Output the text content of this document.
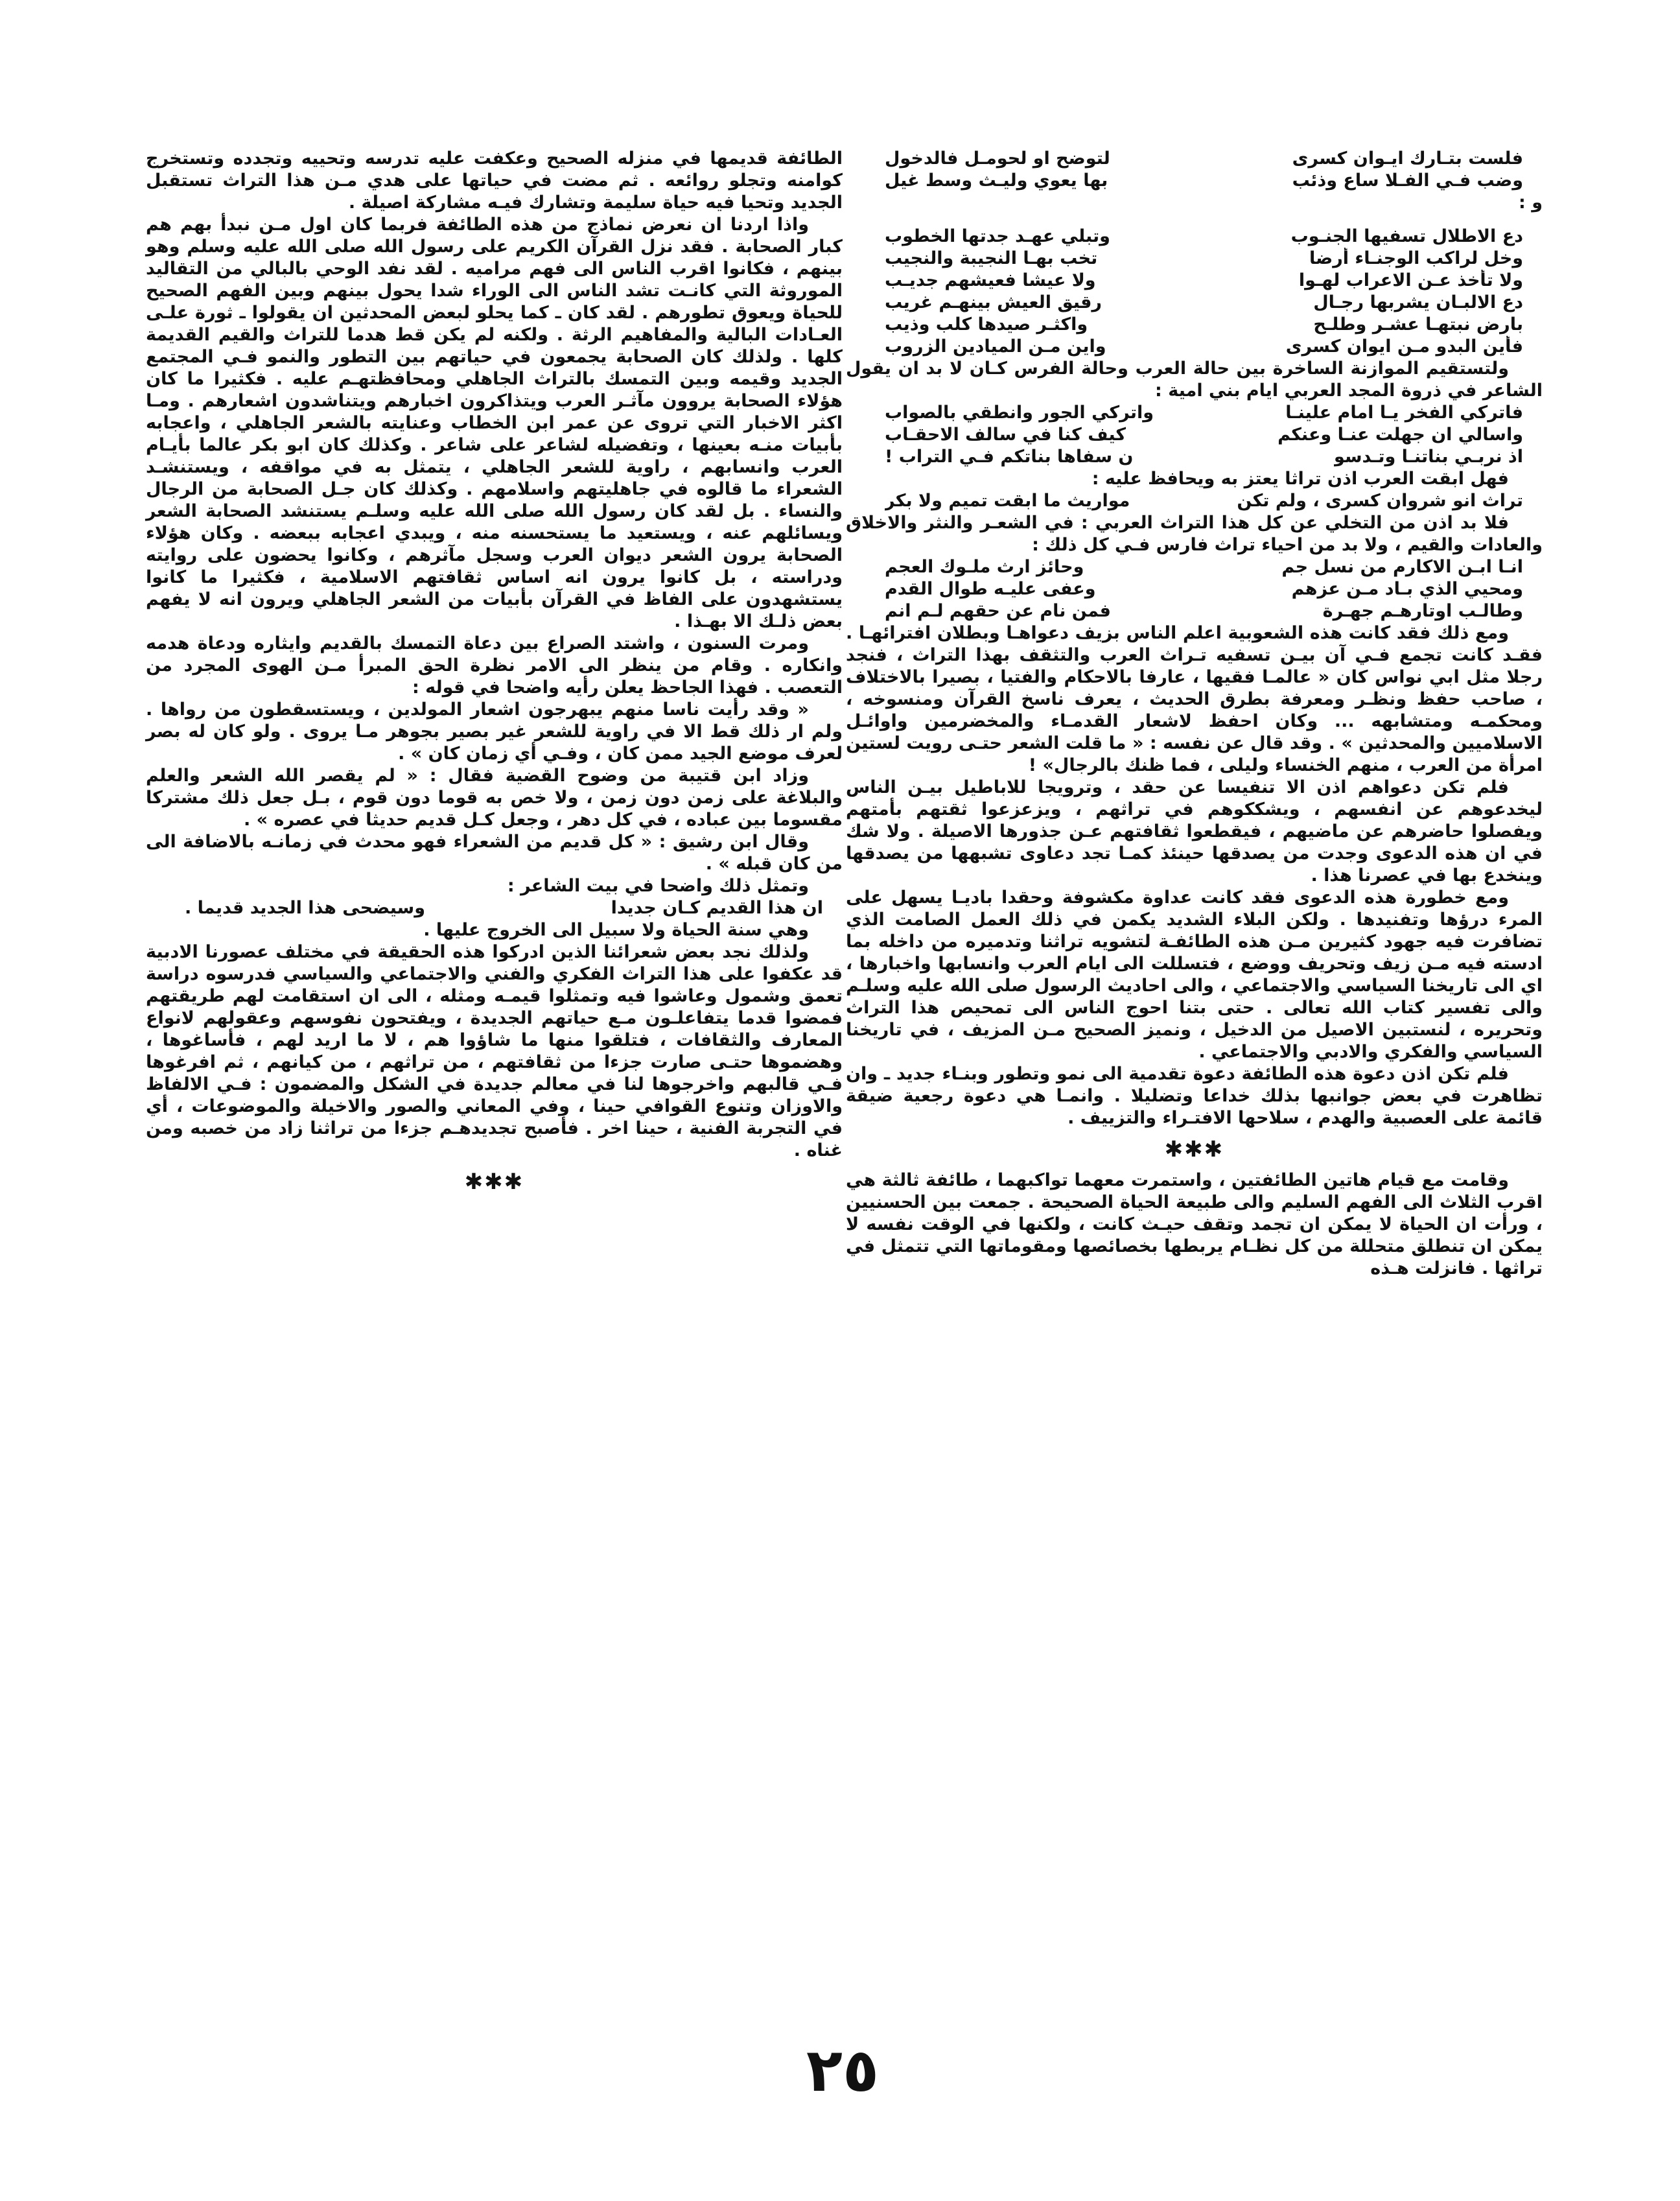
فلست بتـارك ايـوان كسرى
لتوضح او لحومـل فالدخول
وضب فـي الفـلا ساع وذئب
بها يعوي وليـث وسط غيل

و :

دع الاطلال تسفيها الجنـوب
وتبلي عهـد جدتها الخطوب
وخل لراكب الوجنـاء أرضا
تخب بهـا النجيبة والنجيب
ولا تأخذ عـن الاعراب لهـوا
ولا عيشا فعيشهم جديـب
دع الالبـان يشربها رجـال
رقيق العيش بينهـم غريب
بارض نبتهـا عشـر وطلـح
واكثـر صيدها كلب وذيب
فأين البدو مـن ايوان كسرى
واين مـن الميادين الزروب

ولتستقيم الموازنة الساخرة بين حالة العرب وحالة الفرس كـان لا بد ان يقول الشاعر في ذروة المجد العربي ايام بني امية :

فاتركي الفخر يـا امام علينـا
واتركي الجور وانطقي بالصواب
واسالي ان جهلت عنـا وعنكم
كيف كنا في سالف الاحقـاب
اذ نربـي بناتنـا وتـدسو
ن سفاها بناتكم فـي التراب !

فهل ابقت العرب اذن تراثا يعتز به ويحافظ عليه :

تراث انو شروان كسرى ، ولم تكن
مواريث ما ابقت تميم ولا بكر

فلا بد اذن من التخلي عن كل هذا التراث العربي : في الشعـر والنثر والاخلاق والعادات والقيم ، ولا بد من احياء تراث فارس فـي كل ذلك :

انـا ابـن الاكارم من نسل جم
وحائز ارث ملـوك العجم
ومحيي الذي بـاد مـن عزهم
وعفى عليـه طوال القدم
وطالـب اوتارهـم جهـرة
فمن نام عن حقهم لـم انم

ومع ذلك فقد كانت هذه الشعوبية اعلم الناس بزيف دعواهـا وبطلان افترائهـا . فقـد كانت تجمع فـي آن بيـن تسفيه تـراث العرب والتثقف بهذا التراث ، فنجد رجلا مثل ابي نواس كان « عالمـا فقيها ، عارفا بالاحكام والفتيا ، بصيرا بالاختلاف ، صاحب حفظ ونظـر ومعرفة بطرق الحديث ، يعرف ناسخ القرآن ومنسوخه ، ومحكمـه ومتشابهه ... وكان احفظ لاشعار القدمـاء والمخضرمين واوائـل الاسلاميين والمحدثين » . وقد قال عن نفسه : « ما قلت الشعر حتـى رويت لستين امرأة من العرب ، منهم الخنساء وليلى ، فما ظنك بالرجال» !

فلم تكن دعواهم اذن الا تنفيسا عن حقد ، وترويجا للاباطيل بيـن الناس ليخدعوهم عن انفسهم ، ويشككوهم في تراثهم ، ويزعزعوا ثقتهم بأمتهم ويفصلوا حاضرهم عن ماضيهم ، فيقطعوا ثقافتهم عـن جذورها الاصيلة . ولا شك في ان هذه الدعوى وجدت من يصدقها حينئذ كمـا تجد دعاوى تشبهها من يصدقها وينخدع بها في عصرنا هذا .

ومع خطورة هذه الدعوى فقد كانت عداوة مكشوفة وحقدا باديـا يسهل على المرء درؤها وتفنيدها . ولكن البلاء الشديد يكمن في ذلك العمل الصامت الذي تضافرت فيه جهود كثيرين مـن هذه الطائفـة لتشويه تراثنا وتدميره من داخله بما ادسته فيه مـن زيف وتحريف ووضع ، فتسللت الى ايام العرب وانسابها واخبارها ، اي الى تاريخنا السياسي والاجتماعي ، والى احاديث الرسول صلى الله عليه وسلـم والى تفسير كتاب الله تعالى . حتى بتنا احوج الناس الى تمحيص هذا التراث وتحريره ، لنستبين الاصيل من الدخيل ، ونميز الصحيح مـن المزيف ، في تاريخنا السياسي والفكري والادبي والاجتماعي .

فلم تكن اذن دعوة هذه الطائفة دعوة تقدمية الى نمو وتطور وبنـاء جديد ـ وان تظاهرت في بعض جوانبها بذلك خداعا وتضليلا . وانمـا هي دعوة رجعية ضيقة قائمة على العصبية والهدم ، سلاحها الافتـراء والتزييف .

✱✱✱

وقامت مع قيام هاتين الطائفتين ، واستمرت معهما تواكبهما ، طائفة ثالثة هي اقرب الثلاث الى الفهم السليم والى طبيعة الحياة الصحيحة . جمعت بين الحسنيين ، ورأت ان الحياة لا يمكن ان تجمد وتقف حيـث كانت ، ولكنها في الوقت نفسه لا يمكن ان تنطلق متحللة من كل نظـام يربطها بخصائصها ومقوماتها التي تتمثل في تراثها . فانزلت هـذه

الطائفة قديمها في منزله الصحيح وعكفت عليه تدرسه وتحييه وتجدده وتستخرج كوامنه وتجلو روائعه . ثم مضت في حياتها على هدي مـن هذا التراث تستقبل الجديد وتحيا فيه حياة سليمة وتشارك فيـه مشاركة اصيلة .

واذا اردنا ان نعرض نماذج من هذه الطائفة فربما كان اول مـن نبدأ بهم هم كبار الصحابة . فقد نزل القرآن الكريم على رسول الله صلى الله عليه وسلم وهو بينهم ، فكانوا اقرب الناس الى فهم مراميه . لقد نفد الوحي بالبالي من التقاليد الموروثة التي كانـت تشد الناس الى الوراء شدا يحول بينهم وبين الفهم الصحيح للحياة ويعوق تطورهم . لقد كان ـ كما يحلو لبعض المحدثين ان يقولوا ـ ثورة علـى العـادات البالية والمفاهيم الرثة . ولكنه لم يكن قط هدما للتراث والقيم القديمة كلها . ولذلك كان الصحابة يجمعون في حياتهم بين التطور والنمو فـي المجتمع الجديد وقيمه وبين التمسك بالتراث الجاهلي ومحافظتهـم عليه . فكثيرا ما كان هؤلاء الصحابة يروون مآثـر العرب ويتذاكرون اخبارهم ويتناشدون اشعارهم . ومـا اكثر الاخبار التي تروى عن عمر ابن الخطاب وعنايته بالشعر الجاهلي ، واعجابه بأبيات منـه بعينها ، وتفضيله لشاعر على شاعر . وكذلك كان ابو بكر عالما بأيـام العرب وانسابهم ، راوية للشعر الجاهلي ، يتمثل به في مواقفه ، ويستنشـد الشعراء ما قالوه في جاهليتهم واسلامهم . وكذلك كان جـل الصحابة من الرجال والنساء . بل لقد كان رسول الله صلى الله عليه وسلـم يستنشد الصحابة الشعر ويسائلهم عنه ، ويستعيد ما يستحسنه منه ، ويبدي اعجابه ببعضه . وكان هؤلاء الصحابة يرون الشعر ديوان العرب وسجل مآثرهم ، وكانوا يحضون على روايته ودراسته ، بل كانوا يرون انه اساس ثقافتهم الاسلامية ، فكثيرا ما كانوا يستشهدون على الفاظ في القرآن بأبيات من الشعر الجاهلي ويرون انه لا يفهم بعض ذلـك الا بهـذا .

ومرت السنون ، واشتد الصراع بين دعاة التمسك بالقديم وايثاره ودعاة هدمه وانكاره . وقام من ينظر الى الامر نظرة الحق المبرأ مـن الهوى المجرد من التعصب . فهذا الجاحظ يعلن رأيه واضحا في قوله :

« وقد رأيت ناسا منهم يبهرجون اشعار المولدين ، ويستسقطون من رواها . ولم ار ذلك قط الا في راوية للشعر غير بصير بجوهر مـا يروى . ولو كان له بصر لعرف موضع الجيد ممن كان ، وفـي أي زمان كان » .

وزاد ابن قتيبة من وضوح القضية فقال : « لم يقصر الله الشعر والعلم والبلاغة على زمن دون زمن ، ولا خص به قوما دون قوم ، بـل جعل ذلك مشتركا مقسوما بين عباده ، في كل دهر ، وجعل كـل قديم حديثا في عصره » .

وقال ابن رشيق : « كل قديم من الشعراء فهو محدث في زمانـه بالاضافة الى من كان قبله » .

وتمثل ذلك واضحا في بيت الشاعر :

ان هذا القديم كـان جديدا
وسيضحى هذا الجديد قديما .

وهي سنة الحياة ولا سبيل الى الخروج عليها .

ولذلك نجد بعض شعرائنا الذين ادركوا هذه الحقيقة في مختلف عصورنا الادبية قد عكفوا على هذا التراث الفكري والفني والاجتماعي والسياسي فدرسوه دراسة تعمق وشمول وعاشوا فيه وتمثلوا قيمـه ومثله ، الى ان استقامت لهم طريقتهم فمضوا قدما يتفاعلـون مـع حياتهم الجديدة ، ويفتحون نفوسهم وعقولهم لانواع المعارف والثقافات ، فتلقوا منها ما شاؤوا هم ، لا ما اريد لهم ، فأساغوها ، وهضموها حتـى صارت جزءا من ثقافتهم ، من تراثهم ، من كيانهم ، ثم افرغوها فـي قالبهم واخرجوها لنا في معالم جديدة في الشكل والمضمون : فـي الالفاظ والاوزان وتنوع القوافي حينا ، وفي المعاني والصور والاخيلة والموضوعات ، أي في التجربة الفنية ، حينا اخر . فأصبح تجديدهـم جزءا من تراثنا زاد من خصبه ومن غناه .

✱✱✱
٢٥
